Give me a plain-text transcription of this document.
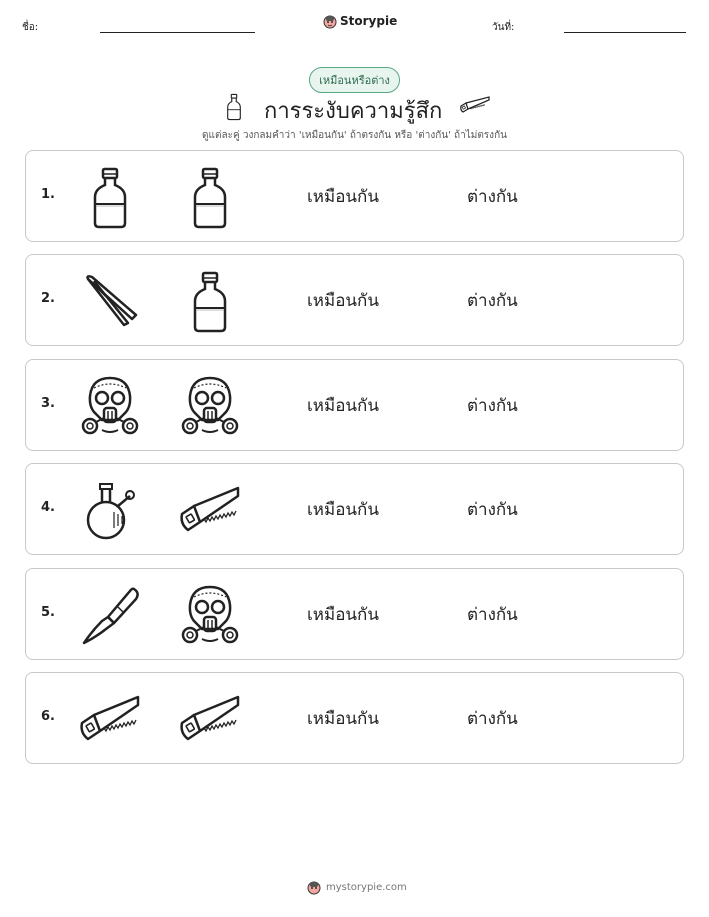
ชื่อ:	Storypie	วันที่:
เหมือนหรือต่าง
การระงับความรู้สึก
ดูแต่ละคู่ วงกลมคำว่า 'เหมือนกัน' ถ้าตรงกัน หรือ 'ต่างกัน' ถ้าไม่ตรงกัน
1.	เหมือนกัน	ต่างกัน
2.	เหมือนกัน	ต่างกัน
3.	เหมือนกัน	ต่างกัน
4.	เหมือนกัน	ต่างกัน
5.	เหมือนกัน	ต่างกัน
6.	เหมือนกัน	ต่างกัน
mystorypie.com
